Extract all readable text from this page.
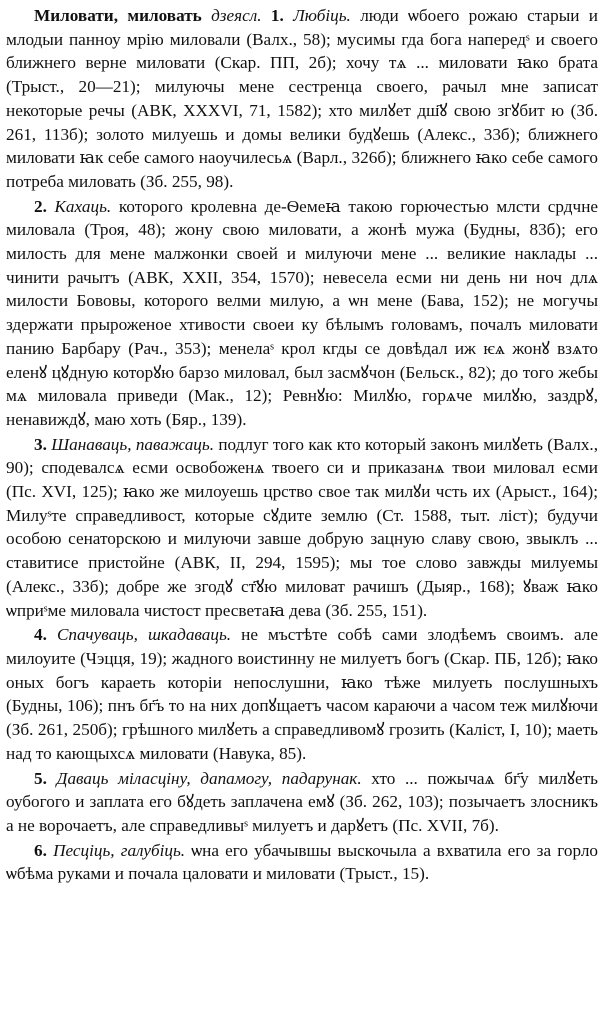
Миловати, миловать дзеясл. 1. Любіць. люди ѡбоего рожаю старыи и млодыи панноу мрію миловали (Валх., 58); мусимы гда бога напередˢ и своего ближнего верне миловати (Скар. ПП, 2б); хочу тѧ ... миловати ꙗко брата (Трыст., 20—21); милуючы мене сестренца своего, рачыл мне записат некоторые речы (АВК, XXXVI, 71, 1582); хто милꙋет дш҃ꙋ свою згꙋбит ю (Зб. 261, 113б); золото милуешь и домы велики будꙋешь (Алекс., 33б); ближнего миловати ꙗк себе самого наоучилесьѧ (Варл., 326б); ближнего ꙗко себе самого потреба миловать (Зб. 255, 98).

2. Кахаць. которого кролевна де-Ѳемеꙗ такою горючестью млсти срдчне миловала (Троя, 48); жону свою миловати, а жонѣ мужа (Будны, 83б); его милость для мене малжонки своей и милуючи мене ... великие наклады ... чинити рачытъ (АВК, XXII, 354, 1570); невесела есми ни день ни ноч длѧ милости Бововы, которого велми милую, а ѡн мене (Бава, 152); не могучы здержати прыроженое хтивости своеи ку бѣлымъ головамъ, почалъ миловати панию Барбару (Рач., 353); менелаˢ крол кгды се довѣдал иж ѥѧ жонꙋ взѧто еленꙋ цꙋдную которꙋю барзо миловал, был засмꙋчон (Бельск., 82); до того жебы мѧ миловала приведи (Мак., 12); Ревнꙋю: Милꙋю, горѧче милꙋю, заздрꙋ, ненавиждꙋ, маю хоть (Бяр., 139).

3. Шанаваць, паважаць. подлуг того как кто который законъ милꙋеть (Валх., 90); сподевалсѧ есми освобоженѧ твоего си и приказанѧ твои миловал есми (Пс. XVI, 125); ꙗко же милоуешь црство свое так милꙋи чсть их (Арыст., 164); Милуˢте справедливост, которые сꙋдите землю (Ст. 1588, тыт. ліст); будучи особою сенаторскою и милуючи завше добрую зацную славу свою, звыклъ ... ставитисе пристойне (АВК, II, 294, 1595); мы тое слово завжды милуемы (Алекс., 33б); добре же згодꙋ ст҃ꙋю миловат рачишъ (Дыяр., 168); ꙋваж ꙗко ѡприˢме миловала чистост пресветаꙗ дева (Зб. 255, 151).

4. Спачуваць, шкадаваць. не мъстѣте собѣ сами злодѣемъ своимъ. але милоуите (Чэцця, 19); жадного воистинну не милуетъ богъ (Скар. ПБ, 12б); ꙗко оных богъ караеть которіи непослушни, ꙗко тѣже милуеть послушныхъ (Будны, 106); пнъ бг҃ъ то на них допꙋщаетъ часом караючи а часом теж милꙋючи (Зб. 261, 250б); грѣшного милꙋеть а справедливомꙋ грозить (Каліст, I, 10); маеть над то кающыхсѧ миловати (Навука, 85).

5. Даваць міласціну, дапамогу, падарунак. хто ... пожычаѧ бг҃у милꙋеть оубогого и заплата его бꙋдеть заплачена емꙋ (Зб. 262, 103); позычаетъ злосникъ а не ворочаетъ, але справедливыˢ милуетъ и дарꙋетъ (Пс. XVII, 7б).

6. Песціць, галубіць. ѡна его убачывшы выскочыла а вхватила его за горло ѡбѣма руками и почала цаловати и миловати (Трыст., 15).
